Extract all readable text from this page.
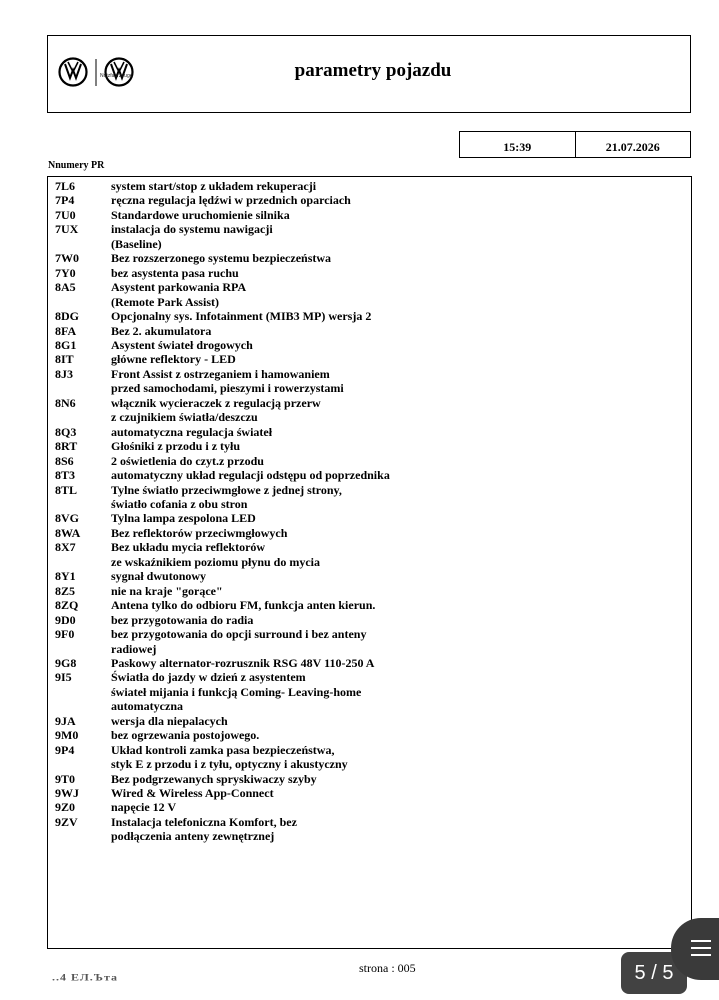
Nutzfahrzeuge	parametry pojazdu
15:39	21.07.2026
Nnumery PR
7L6	system start/stop z układem rekuperacji
7P4	ręczna regulacja lędźwi w przednich oparciach
7U0	Standardowe uruchomienie silnika
7UX	instalacja do systemu nawigacji
(Baseline)
7W0	Bez rozszerzonego systemu bezpieczeństwa
7Y0	bez asystenta pasa ruchu
8A5	Asystent parkowania RPA
(Remote Park Assist)
8DG	Opcjonalny sys. Infotainment (MIB3 MP) wersja 2
8FA	Bez 2. akumulatora
8G1	Asystent świateł drogowych
8IT	główne reflektory - LED
8J3	Front Assist z ostrzeganiem i hamowaniem
przed samochodami, pieszymi i rowerzystami
8N6	włącznik wycieraczek z regulacją przerw
z czujnikiem światła/deszczu
8Q3	automatyczna regulacja świateł
8RT	Głośniki z przodu i z tyłu
8S6	2 oświetlenia do czyt.z przodu
8T3	automatyczny układ regulacji odstępu od poprzednika
8TL	Tylne światło przeciwmgłowe z jednej strony,
światło cofania z obu stron
8VG	Tylna lampa zespolona LED
8WA	Bez reflektorów przeciwmgłowych
8X7	Bez układu mycia reflektorów
ze wskaźnikiem poziomu płynu do mycia
8Y1	sygnał dwutonowy
8Z5	nie na kraje "gorące"
8ZQ	Antena tylko do odbioru FM, funkcja anten kierun.
9D0	bez przygotowania do radia
9F0	bez przygotowania do opcji surround i bez anteny
radiowej
9G8	Paskowy alternator-rozrusznik RSG 48V 110-250 A
9I5	Światła do jazdy w dzień z asystentem
świateł mijania i funkcją Coming- Leaving-home
automatyczna
9JA	wersja dla niepalacych
9M0	bez ogrzewania postojowego.
9P4	Układ kontroli zamka pasa bezpieczeństwa,
styk E z przodu i z tyłu, optyczny i akustyczny
9T0	Bez podgrzewanych spryskiwaczy szyby
9WJ	Wired & Wireless App-Connect
9Z0	napęcie 12 V
9ZV	Instalacja telefoniczna Komfort, bez
podłączenia anteny zewnętrznej
..4 ЕЛ.Ъта
strona : 005	5 / 5
